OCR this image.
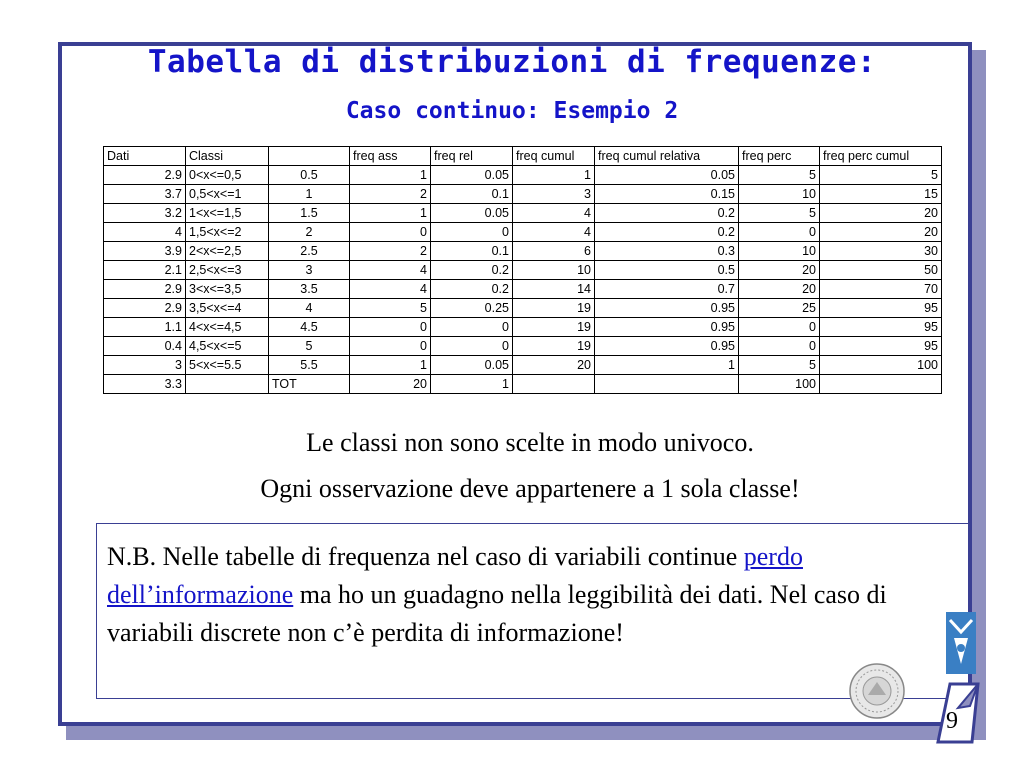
Tabella di distribuzioni di frequenze:
Caso continuo: Esempio 2
Dati	Classi		freq ass	freq rel	freq cumul	freq cumul relativa	freq perc	freq perc cumul
2.9	0<x<=0,5	0.5	1	0.05	1	0.05	5	5
3.7	0,5<x<=1	1	2	0.1	3	0.15	10	15
3.2	1<x<=1,5	1.5	1	0.05	4	0.2	5	20
4	1,5<x<=2	2	0	0	4	0.2	0	20
3.9	2<x<=2,5	2.5	2	0.1	6	0.3	10	30
2.1	2,5<x<=3	3	4	0.2	10	0.5	20	50
2.9	3<x<=3,5	3.5	4	0.2	14	0.7	20	70
2.9	3,5<x<=4	4	5	0.25	19	0.95	25	95
1.1	4<x<=4,5	4.5	0	0	19	0.95	0	95
0.4	4,5<x<=5	5	0	0	19	0.95	0	95
3	5<x<=5.5	5.5	1	0.05	20	1	5	100
3.3		TOT	20	1			100	
Le classi non sono scelte in modo univoco.
Ogni osservazione deve appartenere a 1 sola classe!
N.B. Nelle tabelle di frequenza nel caso di variabili continue perdo dell’informazione ma ho un guadagno nella leggibilità dei dati. Nel caso di variabili discrete non c’è perdita di informazione!
9
